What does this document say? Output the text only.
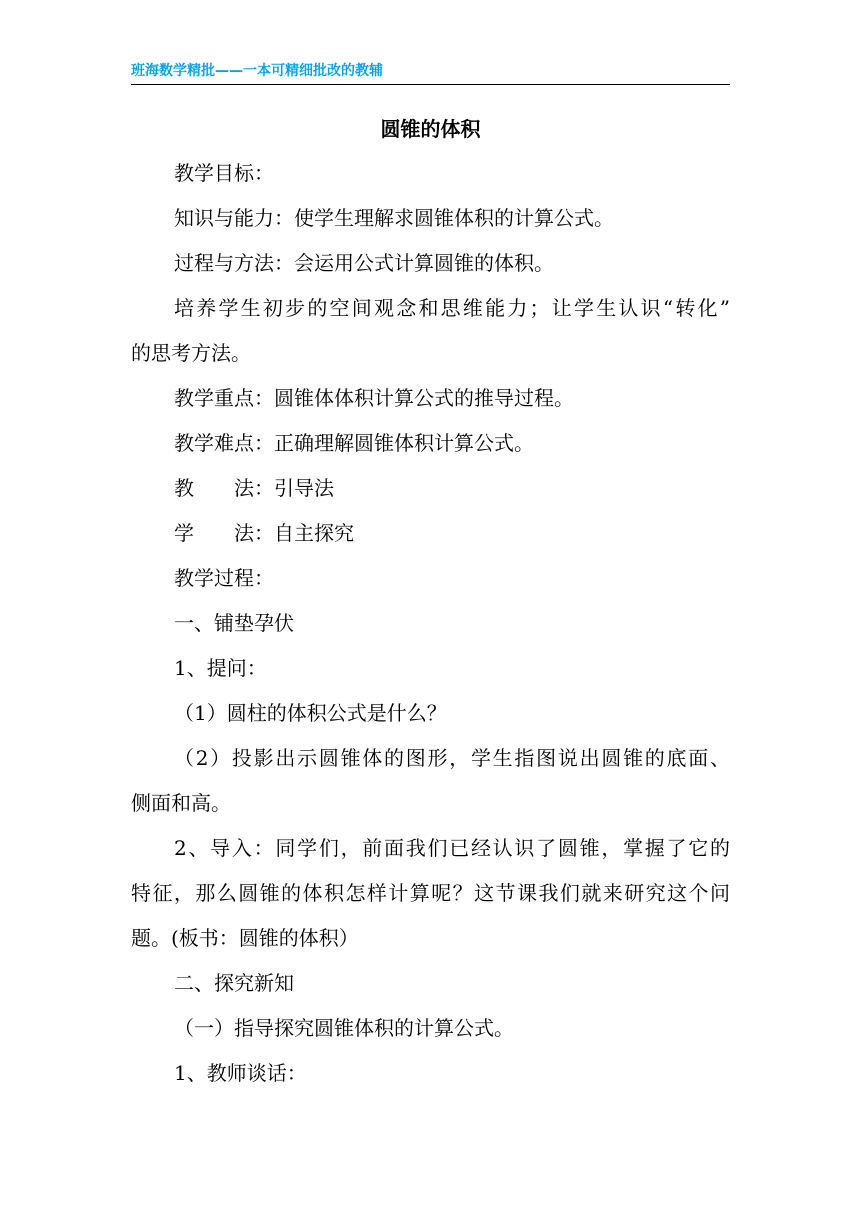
班海数学精批——一本可精细批改的教辅
圆锥的体积
教学目标：
知识与能力：使学生理解求圆锥体积的计算公式。
过程与方法：会运用公式计算圆锥的体积。
培养学生初步的空间观念和思维能力；让学生认识“转化”
的思考方法。
教学重点：圆锥体体积计算公式的推导过程。
教学难点：正确理解圆锥体积计算公式。
教 法：引导法
学 法：自主探究
教学过程：
一、铺垫孕伏
1、提问：
（1）圆柱的体积公式是什么？
（2）投影出示圆锥体的图形，学生指图说出圆锥的底面、
侧面和高。
2、导入：同学们，前面我们已经认识了圆锥，掌握了它的
特征，那么圆锥的体积怎样计算呢？这节课我们就来研究这个问
题。(板书：圆锥的体积）
二、探究新知
（一）指导探究圆锥体积的计算公式。
1、教师谈话：
